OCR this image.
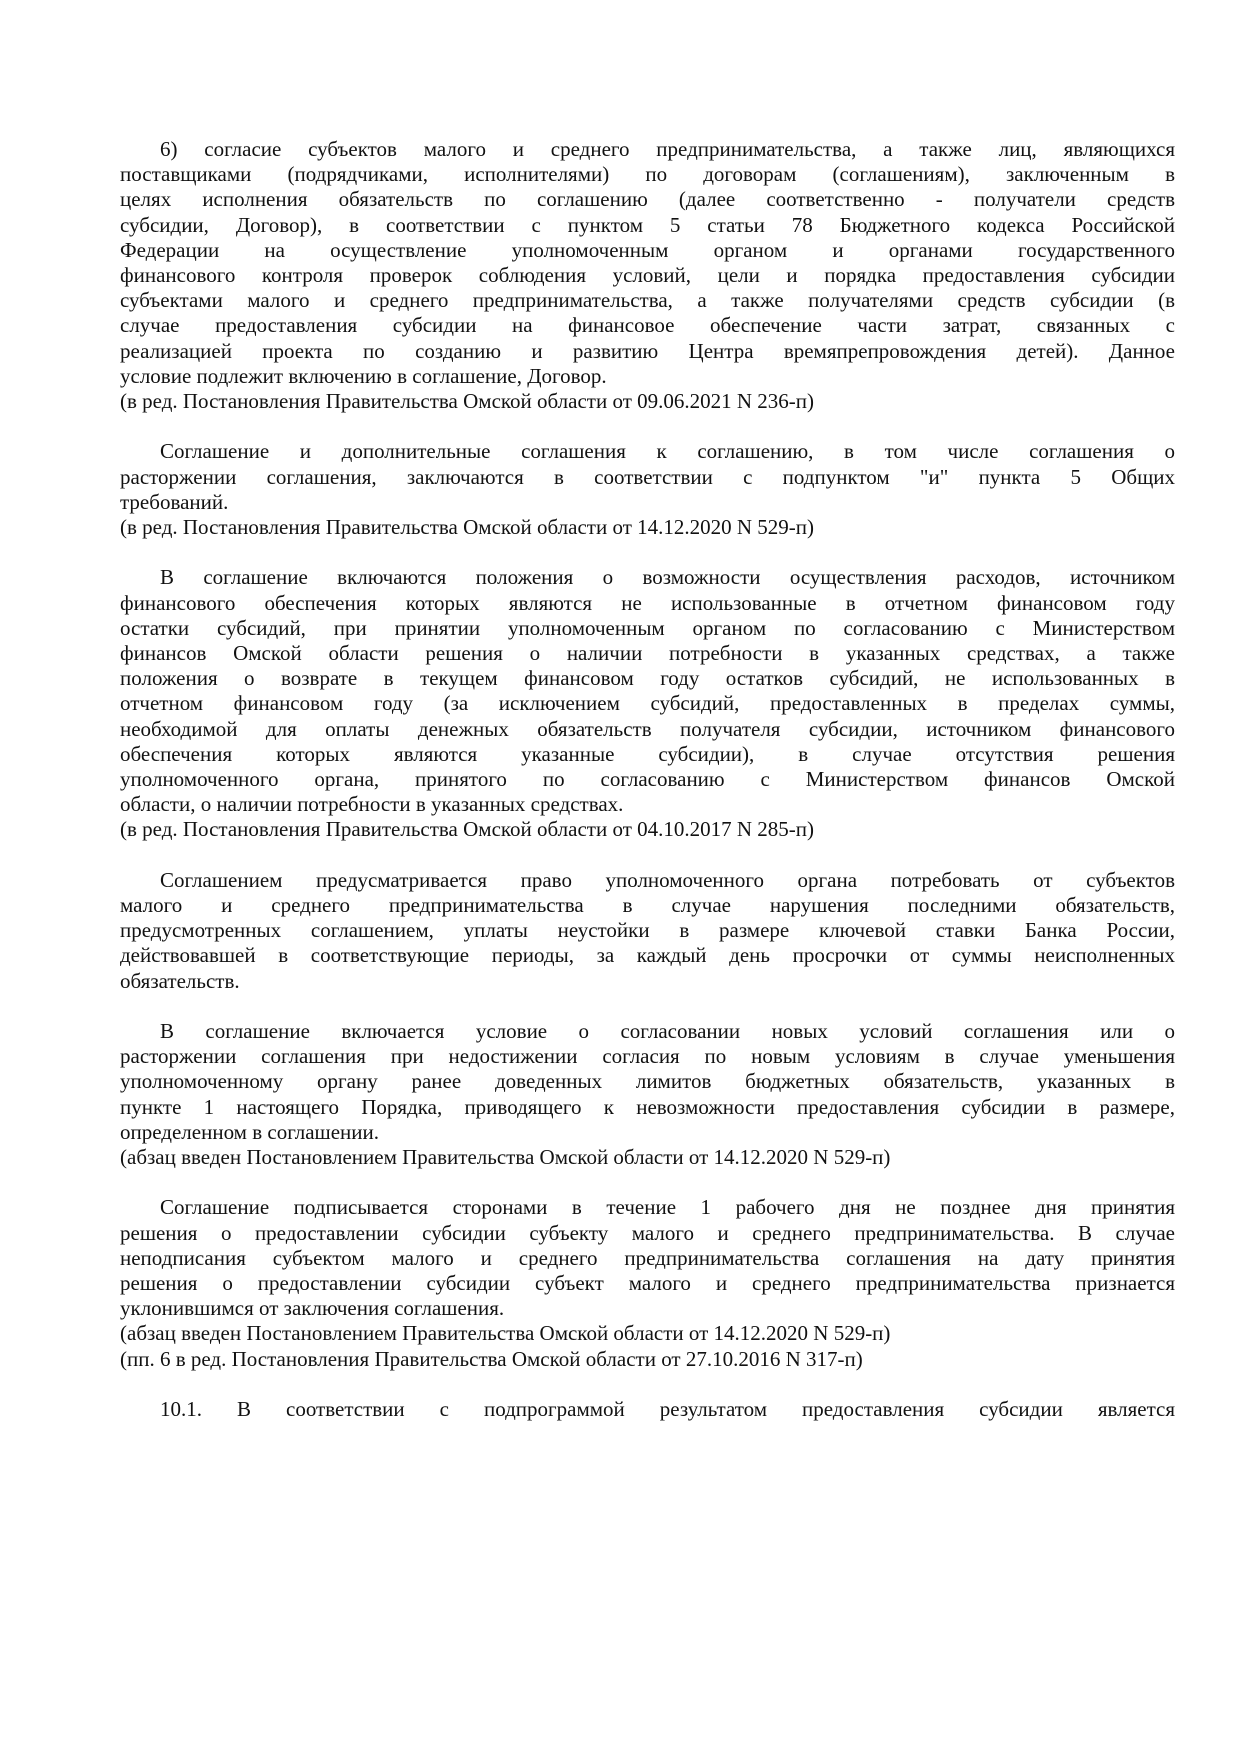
6) согласие субъектов малого и среднего предпринимательства, а также лиц, являющихся
поставщиками (подрядчиками, исполнителями) по договорам (соглашениям), заключенным в
целях исполнения обязательств по соглашению (далее соответственно - получатели средств
субсидии, Договор), в соответствии с пунктом 5 статьи 78 Бюджетного кодекса Российской
Федерации на осуществление уполномоченным органом и органами государственного
финансового контроля проверок соблюдения условий, цели и порядка предоставления субсидии
субъектами малого и среднего предпринимательства, а также получателями средств субсидии (в
случае предоставления субсидии на финансовое обеспечение части затрат, связанных с
реализацией проекта по созданию и развитию Центра времяпрепровождения детей). Данное
условие подлежит включению в соглашение, Договор.
(в ред. Постановления Правительства Омской области от 09.06.2021 N 236-п)
Соглашение и дополнительные соглашения к соглашению, в том числе соглашения о
расторжении соглашения, заключаются в соответствии с подпунктом "и" пункта 5 Общих
требований.
(в ред. Постановления Правительства Омской области от 14.12.2020 N 529-п)
В соглашение включаются положения о возможности осуществления расходов, источником
финансового обеспечения которых являются не использованные в отчетном финансовом году
остатки субсидий, при принятии уполномоченным органом по согласованию с Министерством
финансов Омской области решения о наличии потребности в указанных средствах, а также
положения о возврате в текущем финансовом году остатков субсидий, не использованных в
отчетном финансовом году (за исключением субсидий, предоставленных в пределах суммы,
необходимой для оплаты денежных обязательств получателя субсидии, источником финансового
обеспечения которых являются указанные субсидии), в случае отсутствия решения
уполномоченного органа, принятого по согласованию с Министерством финансов Омской
области, о наличии потребности в указанных средствах.
(в ред. Постановления Правительства Омской области от 04.10.2017 N 285-п)
Соглашением предусматривается право уполномоченного органа потребовать от субъектов
малого и среднего предпринимательства в случае нарушения последними обязательств,
предусмотренных соглашением, уплаты неустойки в размере ключевой ставки Банка России,
действовавшей в соответствующие периоды, за каждый день просрочки от суммы неисполненных
обязательств.
В соглашение включается условие о согласовании новых условий соглашения или о
расторжении соглашения при недостижении согласия по новым условиям в случае уменьшения
уполномоченному органу ранее доведенных лимитов бюджетных обязательств, указанных в
пункте 1 настоящего Порядка, приводящего к невозможности предоставления субсидии в размере,
определенном в соглашении.
(абзац введен Постановлением Правительства Омской области от 14.12.2020 N 529-п)
Соглашение подписывается сторонами в течение 1 рабочего дня не позднее дня принятия
решения о предоставлении субсидии субъекту малого и среднего предпринимательства. В случае
неподписания субъектом малого и среднего предпринимательства соглашения на дату принятия
решения о предоставлении субсидии субъект малого и среднего предпринимательства признается
уклонившимся от заключения соглашения.
(абзац введен Постановлением Правительства Омской области от 14.12.2020 N 529-п)
(пп. 6 в ред. Постановления Правительства Омской области от 27.10.2016 N 317-п)
10.1. В соответствии с подпрограммой результатом предоставления субсидии является
